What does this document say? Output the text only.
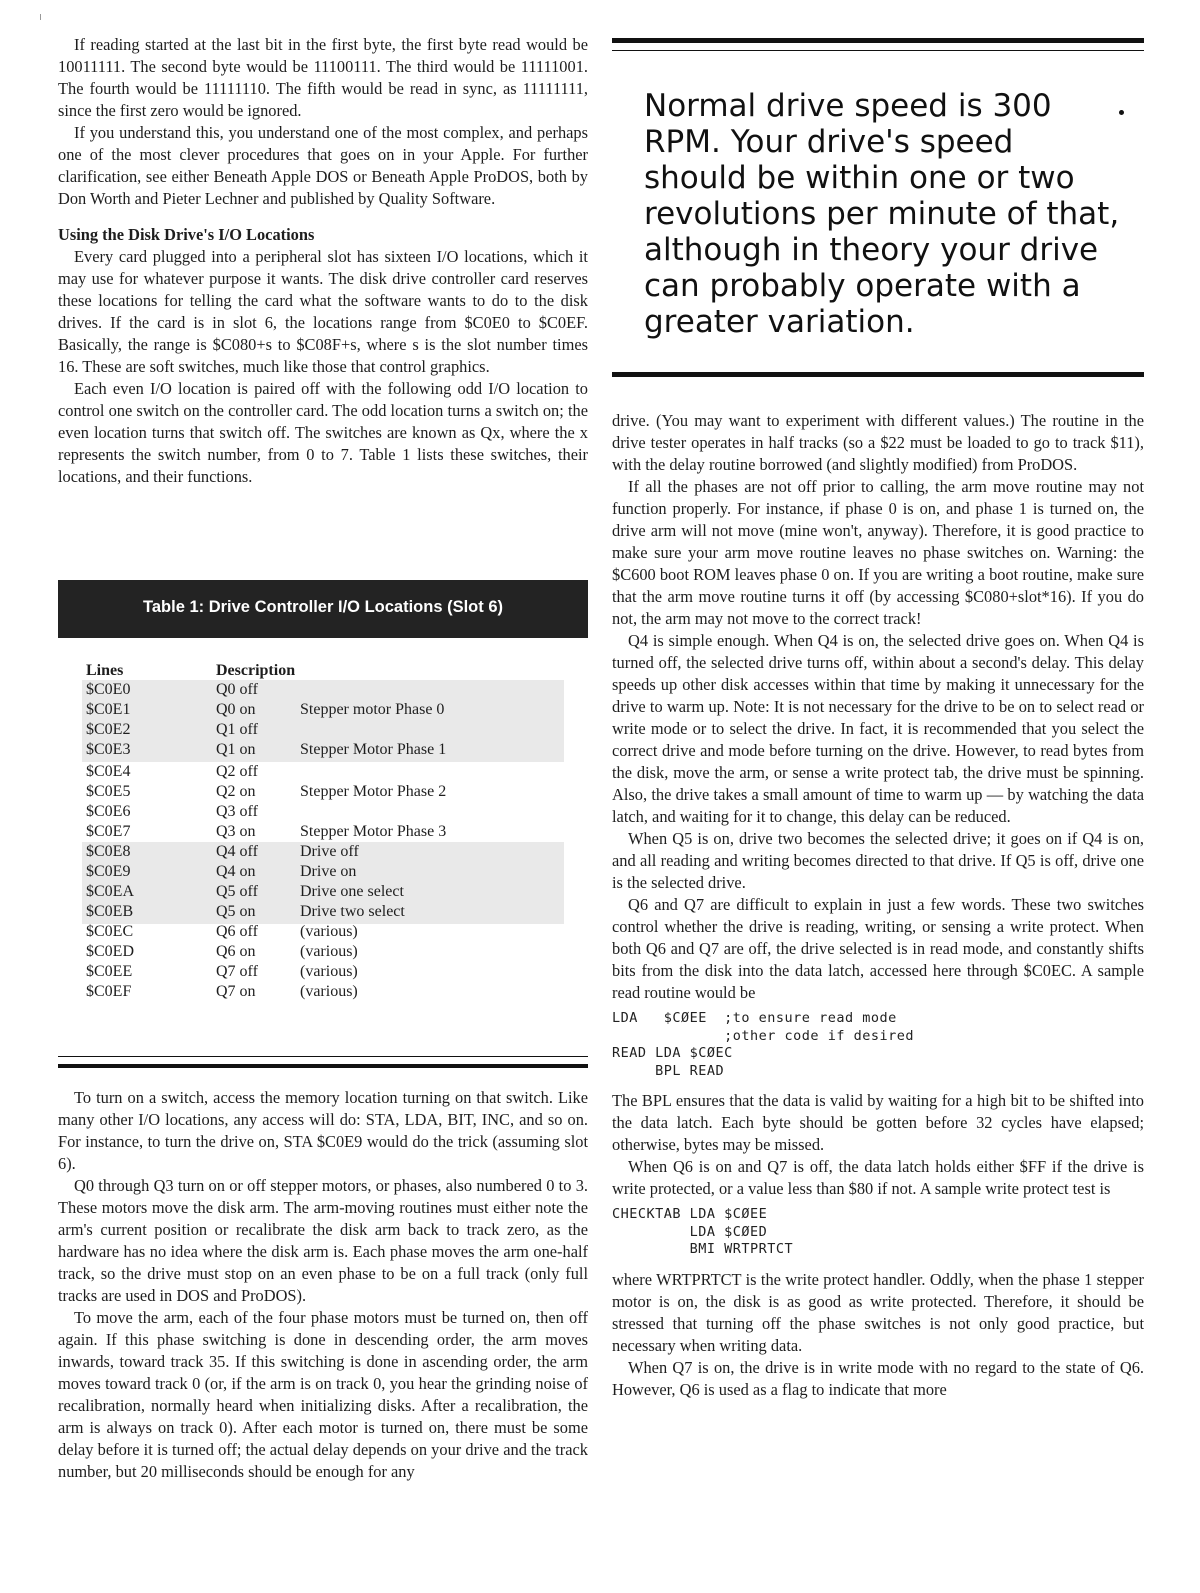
If reading started at the last bit in the first byte, the first byte read would be 10011111. The second byte would be 11100111. The third would be 11111001. The fourth would be 11111110. The fifth would be read in sync, as 11111111, since the first zero would be ignored.

If you understand this, you understand one of the most complex, and perhaps one of the most clever procedures that goes on in your Apple. For further clarification, see either Beneath Apple DOS or Beneath Apple ProDOS, both by Don Worth and Pieter Lechner and published by Quality Software.

Using the Disk Drive's I/O Locations

Every card plugged into a peripheral slot has sixteen I/O locations, which it may use for whatever purpose it wants. The disk drive controller card reserves these locations for telling the card what the software wants to do to the disk drives. If the card is in slot 6, the locations range from $C0E0 to $C0EF. Basically, the range is $C080+s to $C08F+s, where s is the slot number times 16. These are soft switches, much like those that control graphics.

Each even I/O location is paired off with the following odd I/O location to control one switch on the controller card. The odd location turns a switch on; the even location turns that switch off. The switches are known as Qx, where the x represents the switch number, from 0 to 7. Table 1 lists these switches, their locations, and their functions.

Normal drive speed is 300 RPM. Your drive's speed should be within one or two revolutions per minute of that, although in theory your drive can probably operate with a greater variation.
Table 1: Drive Controller I/O Locations (Slot 6)
Lines	Description
$C0E0	Q0 off
$C0E1	Q0 on	Stepper motor Phase 0
$C0E2	Q1 off
$C0E3	Q1 on	Stepper Motor Phase 1
$C0E4	Q2 off
$C0E5	Q2 on	Stepper Motor Phase 2
$C0E6	Q3 off
$C0E7	Q3 on	Stepper Motor Phase 3
$C0E8	Q4 off	Drive off
$C0E9	Q4 on	Drive on
$C0EA	Q5 off	Drive one select
$C0EB	Q5 on	Drive two select
$C0EC	Q6 off	(various)
$C0ED	Q6 on	(various)
$C0EE	Q7 off	(various)
$C0EF	Q7 on	(various)

To turn on a switch, access the memory location turning on that switch. Like many other I/O locations, any access will do: STA, LDA, BIT, INC, and so on. For instance, to turn the drive on, STA $C0E9 would do the trick (assuming slot 6).

Q0 through Q3 turn on or off stepper motors, or phases, also numbered 0 to 3. These motors move the disk arm. The arm-moving routines must either note the arm's current position or recalibrate the disk arm back to track zero, as the hardware has no idea where the disk arm is. Each phase moves the arm one-half track, so the drive must stop on an even phase to be on a full track (only full tracks are used in DOS and ProDOS).

To move the arm, each of the four phase motors must be turned on, then off again. If this phase switching is done in descending order, the arm moves inwards, toward track 35. If this switching is done in ascending order, the arm moves toward track 0 (or, if the arm is on track 0, you hear the grinding noise of recalibration, normally heard when initializing disks. After a recalibration, the arm is always on track 0). After each motor is turned on, there must be some delay before it is turned off; the actual delay depends on your drive and the track number, but 20 milliseconds should be enough for any

drive. (You may want to experiment with different values.) The routine in the drive tester operates in half tracks (so a $22 must be loaded to go to track $11), with the delay routine borrowed (and slightly modified) from ProDOS.

If all the phases are not off prior to calling, the arm move routine may not function properly. For instance, if phase 0 is on, and phase 1 is turned on, the drive arm will not move (mine won't, anyway). Therefore, it is good practice to make sure your arm move routine leaves no phase switches on. Warning: the $C600 boot ROM leaves phase 0 on. If you are writing a boot routine, make sure that the arm move routine turns it off (by accessing $C080+slot*16). If you do not, the arm may not move to the correct track!

Q4 is simple enough. When Q4 is on, the selected drive goes on. When Q4 is turned off, the selected drive turns off, within about a second's delay. This delay speeds up other disk accesses within that time by making it unnecessary for the drive to warm up. Note: It is not necessary for the drive to be on to select read or write mode or to select the drive. In fact, it is recommended that you select the correct drive and mode before turning on the drive. However, to read bytes from the disk, move the arm, or sense a write protect tab, the drive must be spinning. Also, the drive takes a small amount of time to warm up — by watching the data latch, and waiting for it to change, this delay can be reduced.

When Q5 is on, drive two becomes the selected drive; it goes on if Q4 is on, and all reading and writing becomes directed to that drive. If Q5 is off, drive one is the selected drive.

Q6 and Q7 are difficult to explain in just a few words. These two switches control whether the drive is reading, writing, or sensing a write protect. When both Q6 and Q7 are off, the drive selected is in read mode, and constantly shifts bits from the disk into the data latch, accessed here through $C0EC. A sample read routine would be

LDA   $CØEE  ;to ensure read mode
;other code if desired
READ LDA $CØEC
BPL READ

The BPL ensures that the data is valid by waiting for a high bit to be shifted into the data latch. Each byte should be gotten before 32 cycles have elapsed; otherwise, bytes may be missed.

When Q6 is on and Q7 is off, the data latch holds either $FF if the drive is write protected, or a value less than $80 if not. A sample write protect test is

CHECKTAB LDA $CØEE
LDA $CØED
BMI WRTPRTCT

where WRTPRTCT is the write protect handler. Oddly, when the phase 1 stepper motor is on, the disk is as good as write protected. Therefore, it should be stressed that turning off the phase switches is not only good practice, but necessary when writing data.

When Q7 is on, the drive is in write mode with no regard to the state of Q6. However, Q6 is used as a flag to indicate that more
